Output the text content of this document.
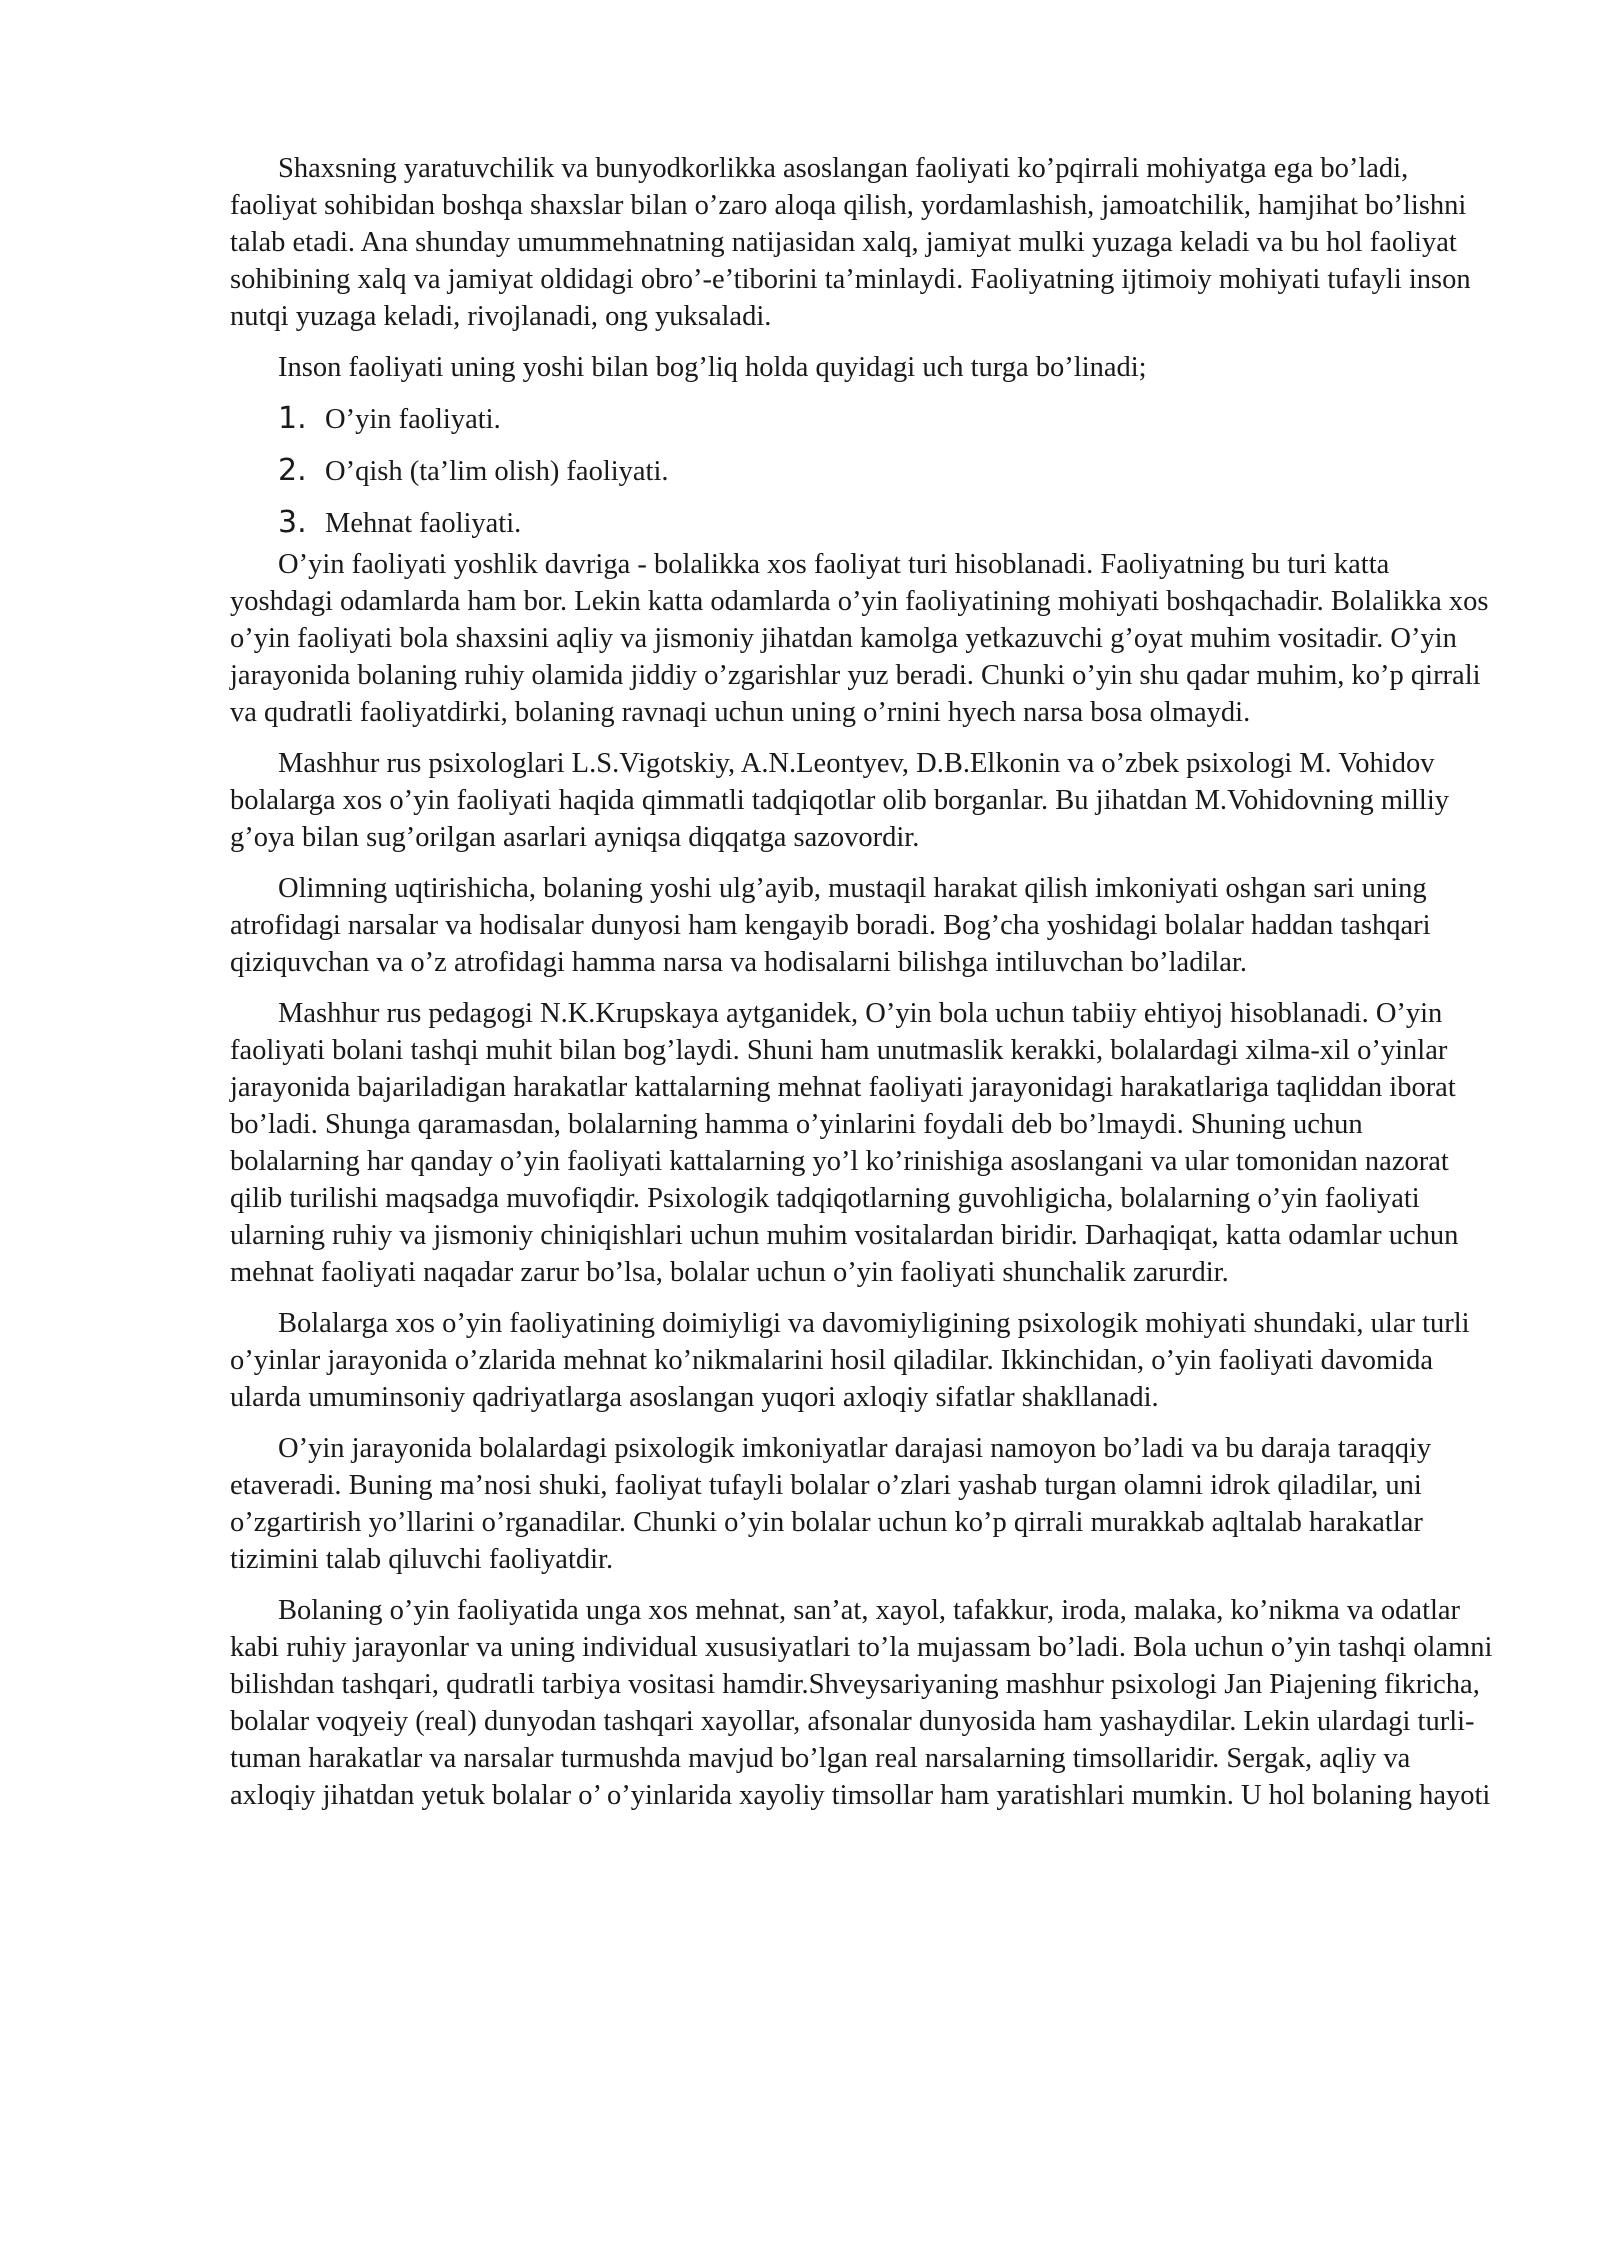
Shaxsning yaratuvchilik va bunyodkorlikka asoslangan faoliyati ko’pqirrali mohiyatga ega bo’ladi, faoliyat sohibidan boshqa shaxslar bilan o’zaro aloqa qilish, yordamlashish, jamoatchilik, hamjihat bo’lishni talab etadi. Ana shunday umummehnatning natijasidan xalq, jamiyat mulki yuzaga keladi va bu hol faoliyat sohibining xalq va jamiyat oldidagi obro’-e’tiborini ta’minlaydi. Faoliyatning ijtimoiy mohiyati tufayli inson nutqi yuzaga keladi, rivojlanadi, ong yuksaladi.

Inson faoliyati uning yoshi bilan bog’liq holda quyidagi uch turga bo’linadi;

1. O’yin faoliyati.
2. O’qish (ta’lim olish) faoliyati.
3. Mehnat faoliyati.

O’yin faoliyati yoshlik davriga - bolalikka xos faoliyat turi hisoblanadi. Faoliyatning bu turi katta yoshdagi odamlarda ham bor. Lekin katta odamlarda o’yin faoliyatining mohiyati boshqachadir. Bolalikka xos o’yin faoliyati bola shaxsini aqliy va jismoniy jihatdan kamolga yetkazuvchi g’oyat muhim vositadir. O’yin jarayonida bolaning ruhiy olamida jiddiy o’zgarishlar yuz beradi. Chunki o’yin shu qadar muhim, ko’p qirrali va qudratli faoliyatdirki, bolaning ravnaqi uchun uning o’rnini hyech narsa bosa olmaydi.

Mashhur rus psixologlari L.S.Vigotskiy, A.N.Leontyev, D.B.Elkonin va o’zbek psixologi M. Vohidov bolalarga xos o’yin faoliyati haqida qimmatli tadqiqotlar olib borganlar. Bu jihatdan M.Vohidovning milliy g’oya bilan sug’orilgan asarlari ayniqsa diqqatga sazovordir.

Olimning uqtirishicha, bolaning yoshi ulg’ayib, mustaqil harakat qilish imkoniyati oshgan sari uning atrofidagi narsalar va hodisalar dunyosi ham kengayib boradi. Bog’cha yoshidagi bolalar haddan tashqari qiziquvchan va o’z atrofidagi hamma narsa va hodisalarni bilishga intiluvchan bo’ladilar.

Mashhur rus pedagogi N.K.Krupskaya aytganidek, O’yin bola uchun tabiiy ehtiyoj hisoblanadi. O’yin faoliyati bolani tashqi muhit bilan bog’laydi. Shuni ham unutmaslik kerakki, bolalardagi xilma-xil o’yinlar jarayonida bajariladigan harakatlar kattalarning mehnat faoliyati jarayonidagi harakatlariga taqliddan iborat bo’ladi. Shunga qaramasdan, bolalarning hamma o’yinlarini foydali deb bo’lmaydi. Shuning uchun bolalarning har qanday o’yin faoliyati kattalarning yo’l ko’rinishiga asoslangani va ular tomonidan nazorat qilib turilishi maqsadga muvofiqdir. Psixologik tadqiqotlarning guvohligicha, bolalarning o’yin faoliyati ularning ruhiy va jismoniy chiniqishlari uchun muhim vositalardan biridir. Darhaqiqat, katta odamlar uchun mehnat faoliyati naqadar zarur bo’lsa, bolalar uchun o’yin faoliyati shunchalik zarurdir.

Bolalarga xos o’yin faoliyatining doimiyligi va davomiyligining psixologik mohiyati shundaki, ular turli o’yinlar jarayonida o’zlarida mehnat ko’nikmalarini hosil qiladilar. Ikkinchidan, o’yin faoliyati davomida ularda umuminsoniy qadriyatlarga asoslangan yuqori axloqiy sifatlar shakllanadi.

O’yin jarayonida bolalardagi psixologik imkoniyatlar darajasi namoyon bo’ladi va bu daraja taraqqiy etaveradi. Buning ma’nosi shuki, faoliyat tufayli bolalar o’zlari yashab turgan olamni idrok qiladilar, uni o’zgartirish yo’llarini o’rganadilar. Chunki o’yin bolalar uchun ko’p qirrali murakkab aqltalab harakatlar tizimini talab qiluvchi faoliyatdir.

Bolaning o’yin faoliyatida unga xos mehnat, san’at, xayol, tafakkur, iroda, malaka, ko’nikma va odatlar kabi ruhiy jarayonlar va uning individual xususiyatlari to’la mujassam bo’ladi. Bola uchun o’yin tashqi olamni bilishdan tashqari, qudratli tarbiya vositasi hamdir.Shveysariyaning mashhur psixologi Jan Piajening fikricha, bolalar voqyeiy (real) dunyodan tashqari xayollar, afsonalar dunyosida ham yashaydilar. Lekin ulardagi turli-tuman harakatlar va narsalar turmushda mavjud bo’lgan real narsalarning timsollaridir. Sergak, aqliy va axloqiy jihatdan yetuk bolalar o’ o’yinlarida xayoliy timsollar ham yaratishlari mumkin. U hol bolaning hayoti
